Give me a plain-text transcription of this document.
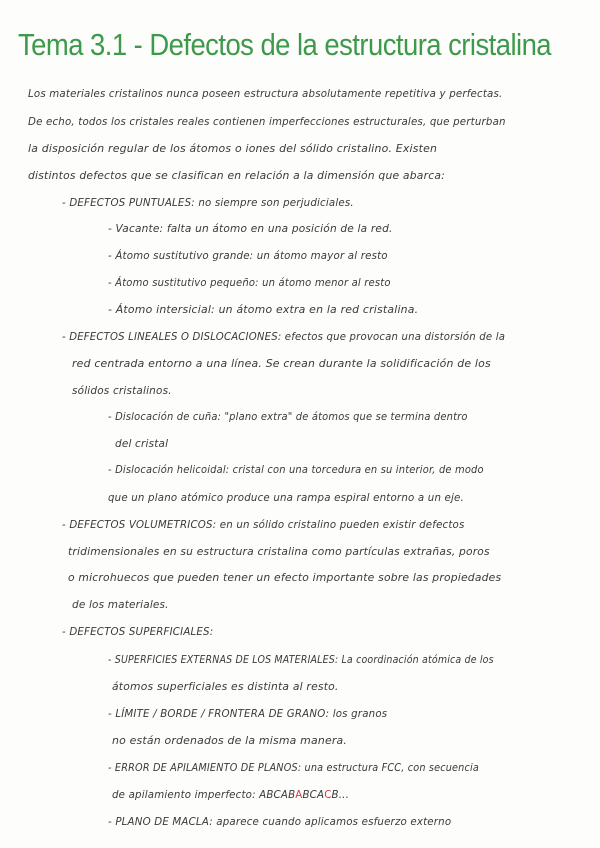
Tema 3.1 - Defectos de la estructura cristalina
Los materiales cristalinos nunca poseen estructura absolutamente repetitiva y perfectas.
De echo, todos los cristales reales contienen imperfecciones estructurales, que perturban
la disposición regular de los átomos o iones del sólido cristalino. Existen
distintos defectos que se clasifican en relación a la dimensión que abarca:
- DEFECTOS PUNTUALES: no siempre son perjudiciales.
- Vacante: falta un átomo en una posición de la red.
- Átomo sustitutivo grande: un átomo mayor al resto
- Átomo sustitutivo pequeño: un átomo menor al resto
- Átomo intersicial: un átomo extra en la red cristalina.
- DEFECTOS LINEALES O DISLOCACIONES: efectos que provocan una distorsión de la
red centrada entorno a una línea. Se crean durante la solidificación de los
sólidos cristalinos.
- Dislocación de cuña: "plano extra" de átomos que se termina dentro
del cristal
- Dislocación helicoidal: cristal con una torcedura en su interior, de modo
que un plano atómico produce una rampa espiral entorno a un eje.
- DEFECTOS VOLUMETRICOS: en un sólido cristalino pueden existir defectos
tridimensionales en su estructura cristalina como partículas extrañas, poros
o microhuecos que pueden tener un efecto importante sobre las propiedades
de los materiales.
- DEFECTOS SUPERFICIALES:
- SUPERFICIES EXTERNAS DE LOS MATERIALES: La coordinación atómica de los
átomos superficiales es distinta al resto.
- LÍMITE / BORDE / FRONTERA DE GRANO: los granos
no están ordenados de la misma manera.
- ERROR DE APILAMIENTO DE PLANOS: una estructura FCC, con secuencia
de apilamiento imperfecto: ABCABABCACB...
- PLANO DE MACLA: aparece cuando aplicamos esfuerzo externo
